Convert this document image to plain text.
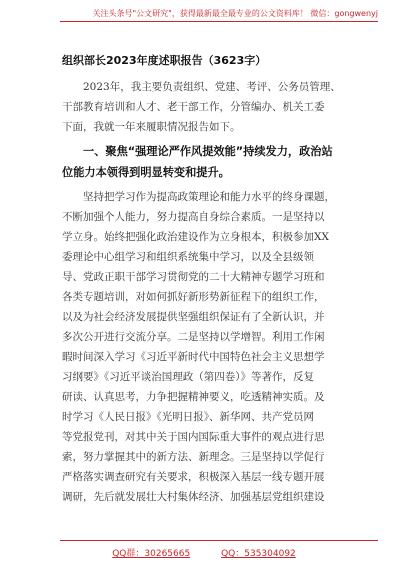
关注头条号"公文研究"，获得最新最全最专业的公文资料库！ 微信：gongwenyj

组织部长2023年度述职报告（3623字）

2023年，我主要负责组织、党建、考评、公务员管理、
干部教育培训和人才、老干部工作，分管编办、机关工委
下面，我就一年来履职情况报告如下。

一、聚焦“强理论严作风提效能”持续发力，政治站
位能力本领得到明显转变和提升。

坚持把学习作为提高政策理论和能力水平的终身课题，
不断加强个人能力，努力提高自身综合素质。一是坚持以
学立身。始终把强化政治建设作为立身根本，积极参加XX
委理论中心组学习和组织系统集中学习，以及全县级领
导、党政正职干部学习贯彻党的二十大精神专题学习班和
各类专题培训，对如何抓好新形势新征程下的组织工作，
以及为社会经济发展提供坚强组织保证有了全新认识，并
多次公开进行交流分享。二是坚持以学增智。利用工作闲
暇时间深入学习《习近平新时代中国特色社会主义思想学
习纲要》《习近平谈治国理政（第四卷）》等著作，反复
研读、认真思考，力争把握精神要义，吃透精神实质。及
时学习《人民日报》《光明日报》、新华网、共产党员网
等党报党刊，对其中关于国内国际重大事件的观点进行思
索，努力掌握其中的新方法、新理念。三是坚持以学促行
严格落实调查研究有关要求，积极深入基层一线专题开展
调研，先后就发展壮大村集体经济、加强基层党组织建设

QQ群：30265665	QQ：535304092
